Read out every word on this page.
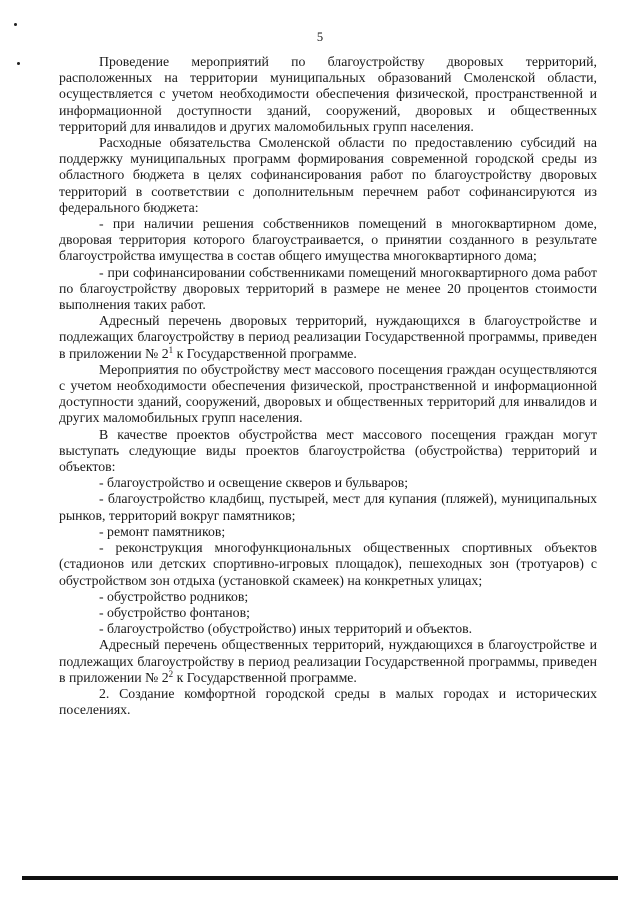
5

Проведение мероприятий по благоустройству дворовых территорий, расположенных на территории муниципальных образований Смоленской области, осуществляется с учетом необходимости обеспечения физической, пространственной и информационной доступности зданий, сооружений, дворовых и общественных территорий для инвалидов и других маломобильных групп населения.

Расходные обязательства Смоленской области по предоставлению субсидий на поддержку муниципальных программ формирования современной городской среды из областного бюджета в целях софинансирования работ по благоустройству дворовых территорий в соответствии с дополнительным перечнем работ софинансируются из федерального бюджета:

- при наличии решения собственников помещений в многоквартирном доме, дворовая территория которого благоустраивается, о принятии созданного в результате благоустройства имущества в состав общего имущества многоквартирного дома;

- при софинансировании собственниками помещений многоквартирного дома работ по благоустройству дворовых территорий в размере не менее 20 процентов стоимости выполнения таких работ.

Адресный перечень дворовых территорий, нуждающихся в благоустройстве и подлежащих благоустройству в период реализации Государственной программы, приведен в приложении № $2^1$ к Государственной программе.

Мероприятия по обустройству мест массового посещения граждан осуществляются с учетом необходимости обеспечения физической, пространственной и информационной доступности зданий, сооружений, дворовых и общественных территорий для инвалидов и других маломобильных групп населения.

В качестве проектов обустройства мест массового посещения граждан могут выступать следующие виды проектов благоустройства (обустройства) территорий и объектов:

- благоустройство и освещение скверов и бульваров;

- благоустройство кладбищ, пустырей, мест для купания (пляжей), муниципальных рынков, территорий вокруг памятников;

- ремонт памятников;

- реконструкция многофункциональных общественных спортивных объектов (стадионов или детских спортивно-игровых площадок), пешеходных зон (тротуаров) с обустройством зон отдыха (установкой скамеек) на конкретных улицах;

- обустройство родников;

- обустройство фонтанов;

- благоустройство (обустройство) иных территорий и объектов.

Адресный перечень общественных территорий, нуждающихся в благоустройстве и подлежащих благоустройству в период реализации Государственной программы, приведен в приложении № $2^2$ к Государственной программе.

2. Создание комфортной городской среды в малых городах и исторических поселениях.
